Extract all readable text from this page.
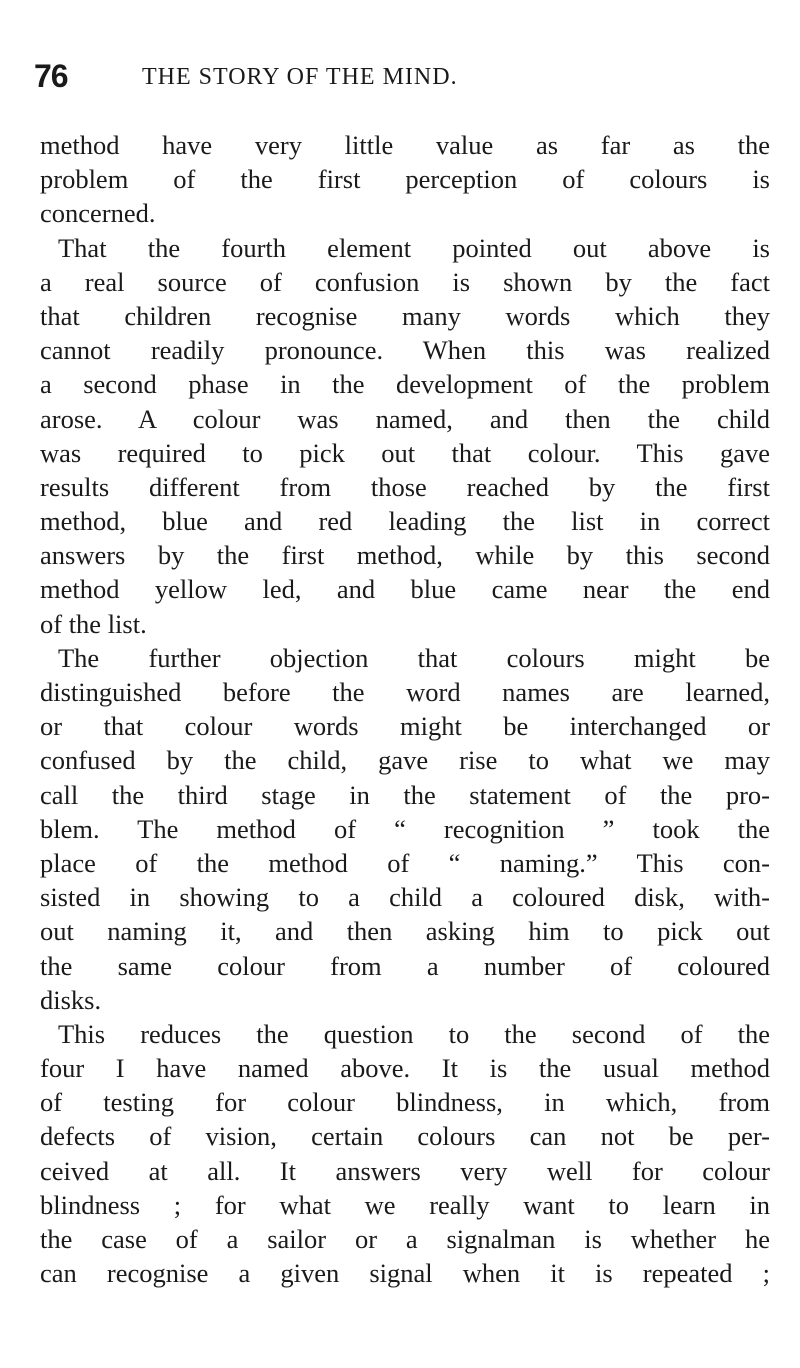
76	THE STORY OF THE MIND.
method have very little value as far as the
problem of the first perception of colours is
concerned.
That the fourth element pointed out above is
a real source of confusion is shown by the fact
that children recognise many words which they
cannot readily pronounce. When this was realized
a second phase in the development of the problem
arose. A colour was named, and then the child
was required to pick out that colour. This gave
results different from those reached by the first
method, blue and red leading the list in correct
answers by the first method, while by this second
method yellow led, and blue came near the end
of the list.
The further objection that colours might be
distinguished before the word names are learned,
or that colour words might be interchanged or
confused by the child, gave rise to what we may
call the third stage in the statement of the pro-
blem. The method of “ recognition ” took the
place of the method of “ naming.” This con-
sisted in showing to a child a coloured disk, with-
out naming it, and then asking him to pick out
the same colour from a number of coloured
disks.
This reduces the question to the second of the
four I have named above. It is the usual method
of testing for colour blindness, in which, from
defects of vision, certain colours can not be per-
ceived at all. It answers very well for colour
blindness ; for what we really want to learn in
the case of a sailor or a signalman is whether he
can recognise a given signal when it is repeated ;
